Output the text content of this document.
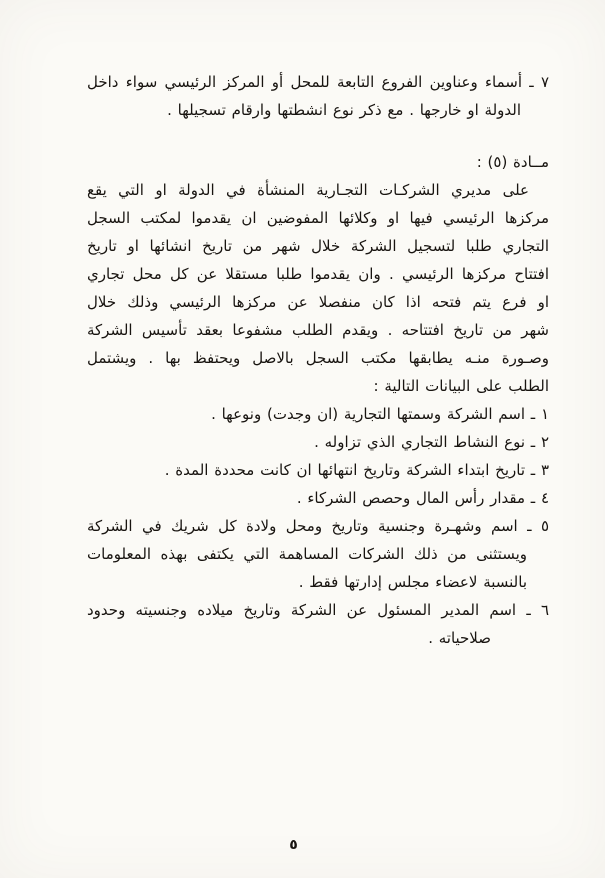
٧ ـ أسماء وعناوين الفروع التابعة للمحل أو المركز الرئيسي سواء داخل
الدولة او خارجها . مع ذكر نوع انشطتها وارقام تسجيلها .
مــادة (٥) :
على مديري الشركـات التجـارية المنشأة في الدولة او التي يقع
مركزها الرئيسي فيها او وكلائها المفوضين ان يقدموا لمكتب السجل
التجاري طلبا لتسجيل الشركة خلال شهر من تاريخ انشائها او تاريخ
افتتاح مركزها الرئيسي . وان يقدموا طلبا مستقلا عن كل محل تجاري
او فرع يتم فتحه اذا كان منفصلا عن مركزها الرئيسي وذلك خلال
شهر من تاريخ افتتاحه . ويقدم الطلب مشفوعا بعقد تأسيس الشركة
وصـورة منـه يطابقها مكتب السجل بالاصل ويحتفظ بها . ويشتمل
الطلب على البيانات التالية :
١ ـ اسم الشركة وسمتها التجارية (ان وجدت) ونوعها .
٢ ـ نوع النشاط التجاري الذي تزاوله .
٣ ـ تاريخ ابتداء الشركة وتاريخ انتهائها ان كانت محددة المدة .
٤ ـ مقدار رأس المال وحصص الشركاء .
٥ ـ اسم وشهـرة وجنسية وتاريخ ومحل ولادة كل شريك في الشركة
ويستثنى من ذلك الشركات المساهمة التي يكتفى بهذه المعلومات
بالنسبة لاعضاء مجلس إدارتها فقط .
٦ ـ اسم المدير المسئول عن الشركة وتاريخ ميلاده وجنسيته وحدود
صلاحياته .
٥
